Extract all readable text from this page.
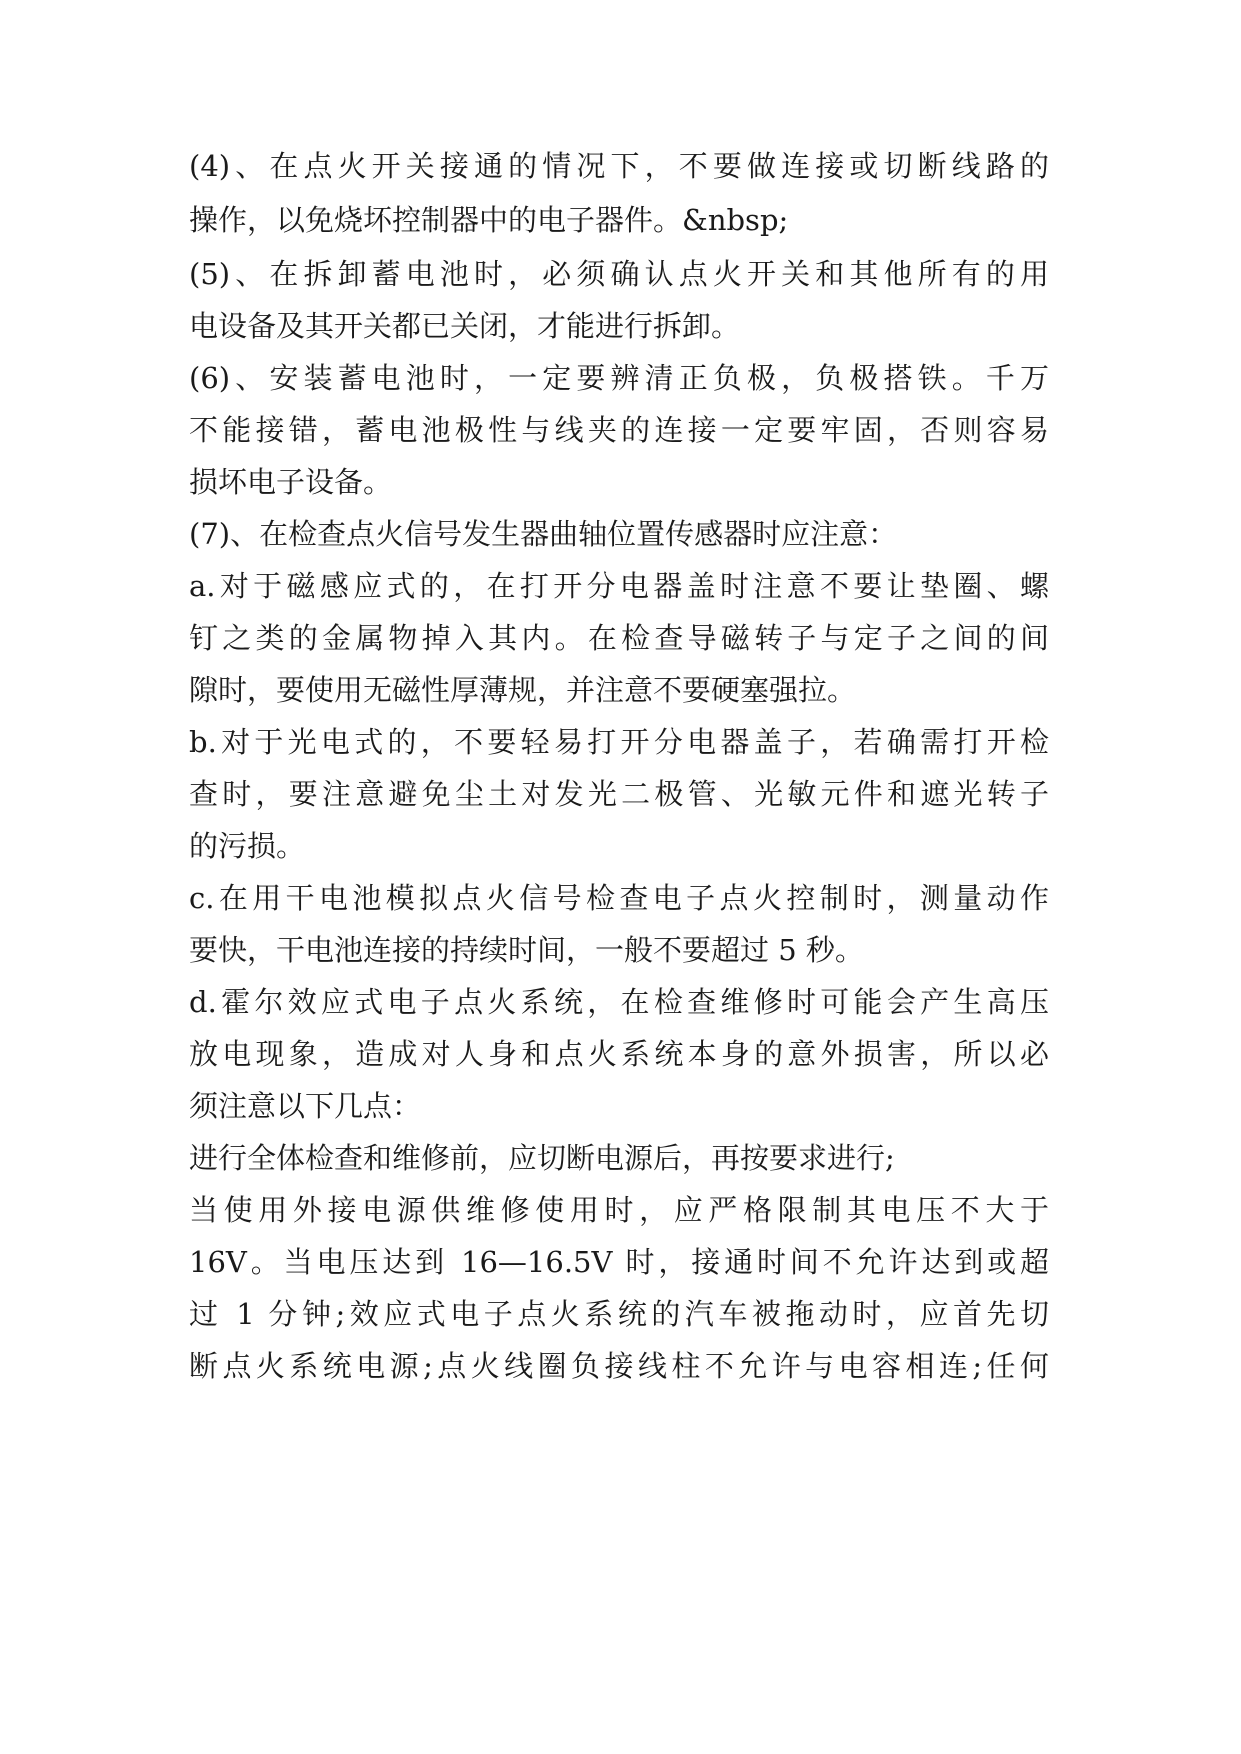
(4)、在点火开关接通的情况下，不要做连接或切断线路的
操作，以免烧坏控制器中的电子器件。&nbsp;
(5)、在拆卸蓄电池时，必须确认点火开关和其他所有的用
电设备及其开关都已关闭，才能进行拆卸。
(6)、安装蓄电池时，一定要辨清正负极，负极搭铁。千万
不能接错，蓄电池极性与线夹的连接一定要牢固，否则容易
损坏电子设备。
(7)、在检查点火信号发生器曲轴位置传感器时应注意：
a.对于磁感应式的，在打开分电器盖时注意不要让垫圈、螺
钉之类的金属物掉入其内。在检查导磁转子与定子之间的间
隙时，要使用无磁性厚薄规，并注意不要硬塞强拉。
b.对于光电式的，不要轻易打开分电器盖子，若确需打开检
查时，要注意避免尘土对发光二极管、光敏元件和遮光转子
的污损。
c.在用干电池模拟点火信号检查电子点火控制时，测量动作
要快，干电池连接的持续时间，一般不要超过 5 秒。
d.霍尔效应式电子点火系统，在检查维修时可能会产生高压
放电现象，造成对人身和点火系统本身的意外损害，所以必
须注意以下几点：
进行全体检查和维修前，应切断电源后，再按要求进行;
当使用外接电源供维修使用时，应严格限制其电压不大于
16V。当电压达到 16—16.5V 时，接通时间不允许达到或超
过 1 分钟;效应式电子点火系统的汽车被拖动时，应首先切
断点火系统电源;点火线圈负接线柱不允许与电容相连;任何
